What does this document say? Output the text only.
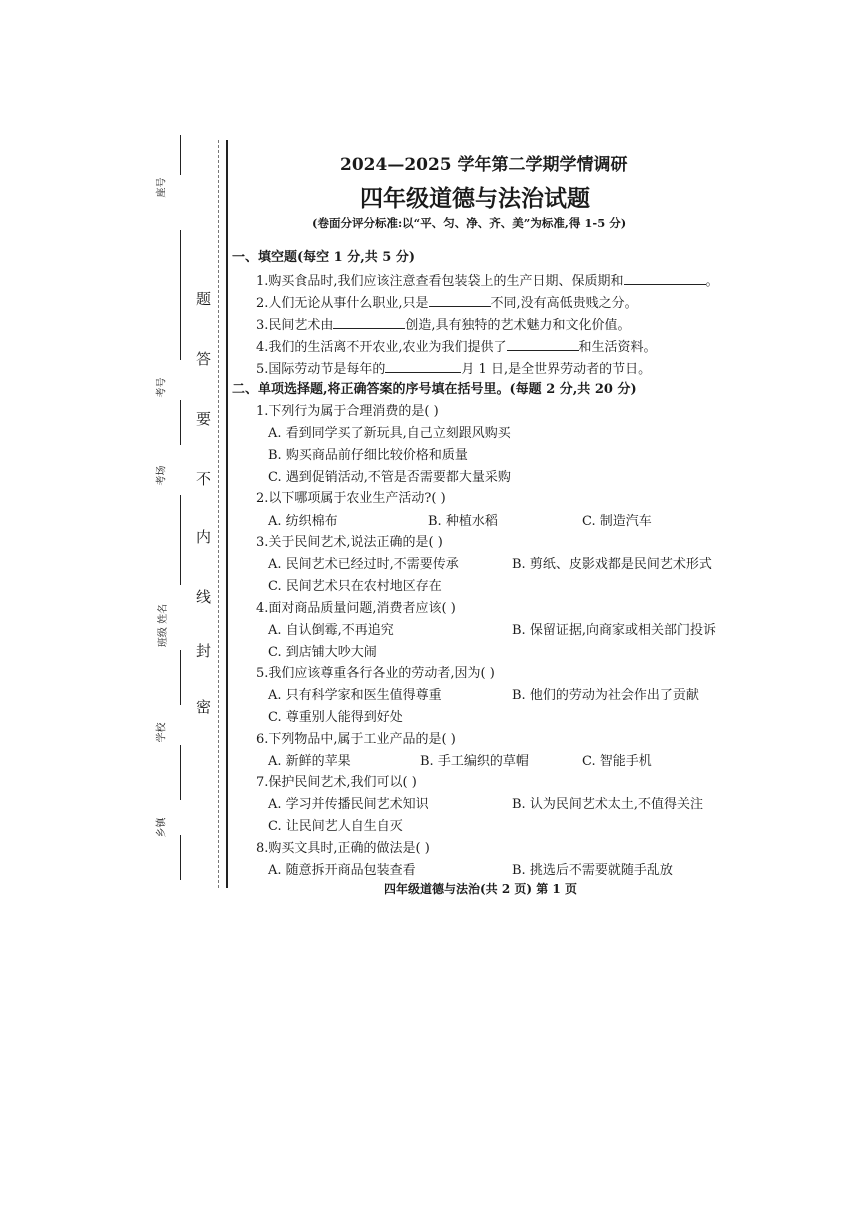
座号
考号
考场
班级 姓名
学校
乡镇
题
答
要
不
内
线
封
密
2024—2025 学年第二学期学情调研
四年级道德与法治试题
(卷面分评分标准:以“平、匀、净、齐、美”为标准,得 1-5 分)
一、填空题(每空 1 分,共 5 分)
1.购买食品时,我们应该注意查看包装袋上的生产日期、保质期和	。
2.人们无论从事什么职业,只是	不同,没有高低贵贱之分。
3.民间艺术由	创造,具有独特的艺术魅力和文化价值。
4.我们的生活离不开农业,农业为我们提供了	和生活资料。
5.国际劳动节是每年的	月 1 日,是全世界劳动者的节日。
二、单项选择题,将正确答案的序号填在括号里。(每题 2 分,共 20 分)
1.下列行为属于合理消费的是( )
A. 看到同学买了新玩具,自己立刻跟风购买
B. 购买商品前仔细比较价格和质量
C. 遇到促销活动,不管是否需要都大量采购
2.以下哪项属于农业生产活动?( )
A. 纺织棉布	B. 种植水稻	C. 制造汽车
3.关于民间艺术,说法正确的是( )
A. 民间艺术已经过时,不需要传承	B. 剪纸、皮影戏都是民间艺术形式
C. 民间艺术只在农村地区存在
4.面对商品质量问题,消费者应该( )
A. 自认倒霉,不再追究	B. 保留证据,向商家或相关部门投诉
C. 到店铺大吵大闹
5.我们应该尊重各行各业的劳动者,因为( )
A. 只有科学家和医生值得尊重	B. 他们的劳动为社会作出了贡献
C. 尊重别人能得到好处
6.下列物品中,属于工业产品的是( )
A. 新鲜的苹果	B. 手工编织的草帽	C. 智能手机
7.保护民间艺术,我们可以( )
A. 学习并传播民间艺术知识	B. 认为民间艺术太土,不值得关注
C. 让民间艺人自生自灭
8.购买文具时,正确的做法是( )
A. 随意拆开商品包装查看	B. 挑选后不需要就随手乱放
四年级道德与法治(共 2 页) 第 1 页
